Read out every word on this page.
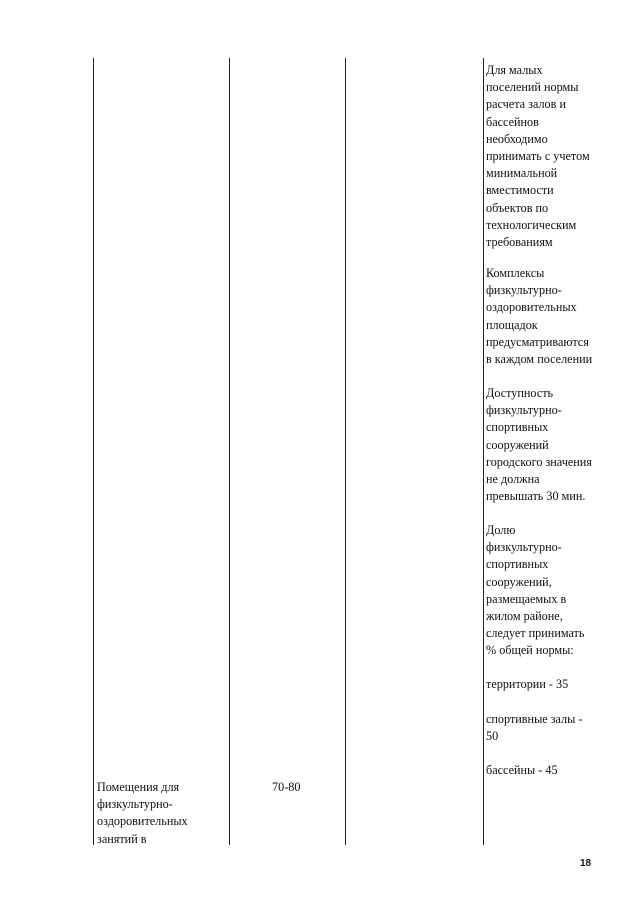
Для малых
поселений нормы
расчета залов и
бассейнов
необходимо
принимать с учетом
минимальной
вместимости
объектов по
технологическим
требованиям
Комплексы
физкультурно-
оздоровительных
площадок
предусматриваются
в каждом поселении
Доступность
физкультурно-
спортивных
сооружений
городского значения
не должна
превышать 30 мин.
Долю
физкультурно-
спортивных
сооружений,
размещаемых в
жилом районе,
следует принимать
% общей нормы:
территории - 35
спортивные залы -
50
бассейны - 45
Помещения для
физкультурно-
оздоровительных
занятий в
70-80
18
